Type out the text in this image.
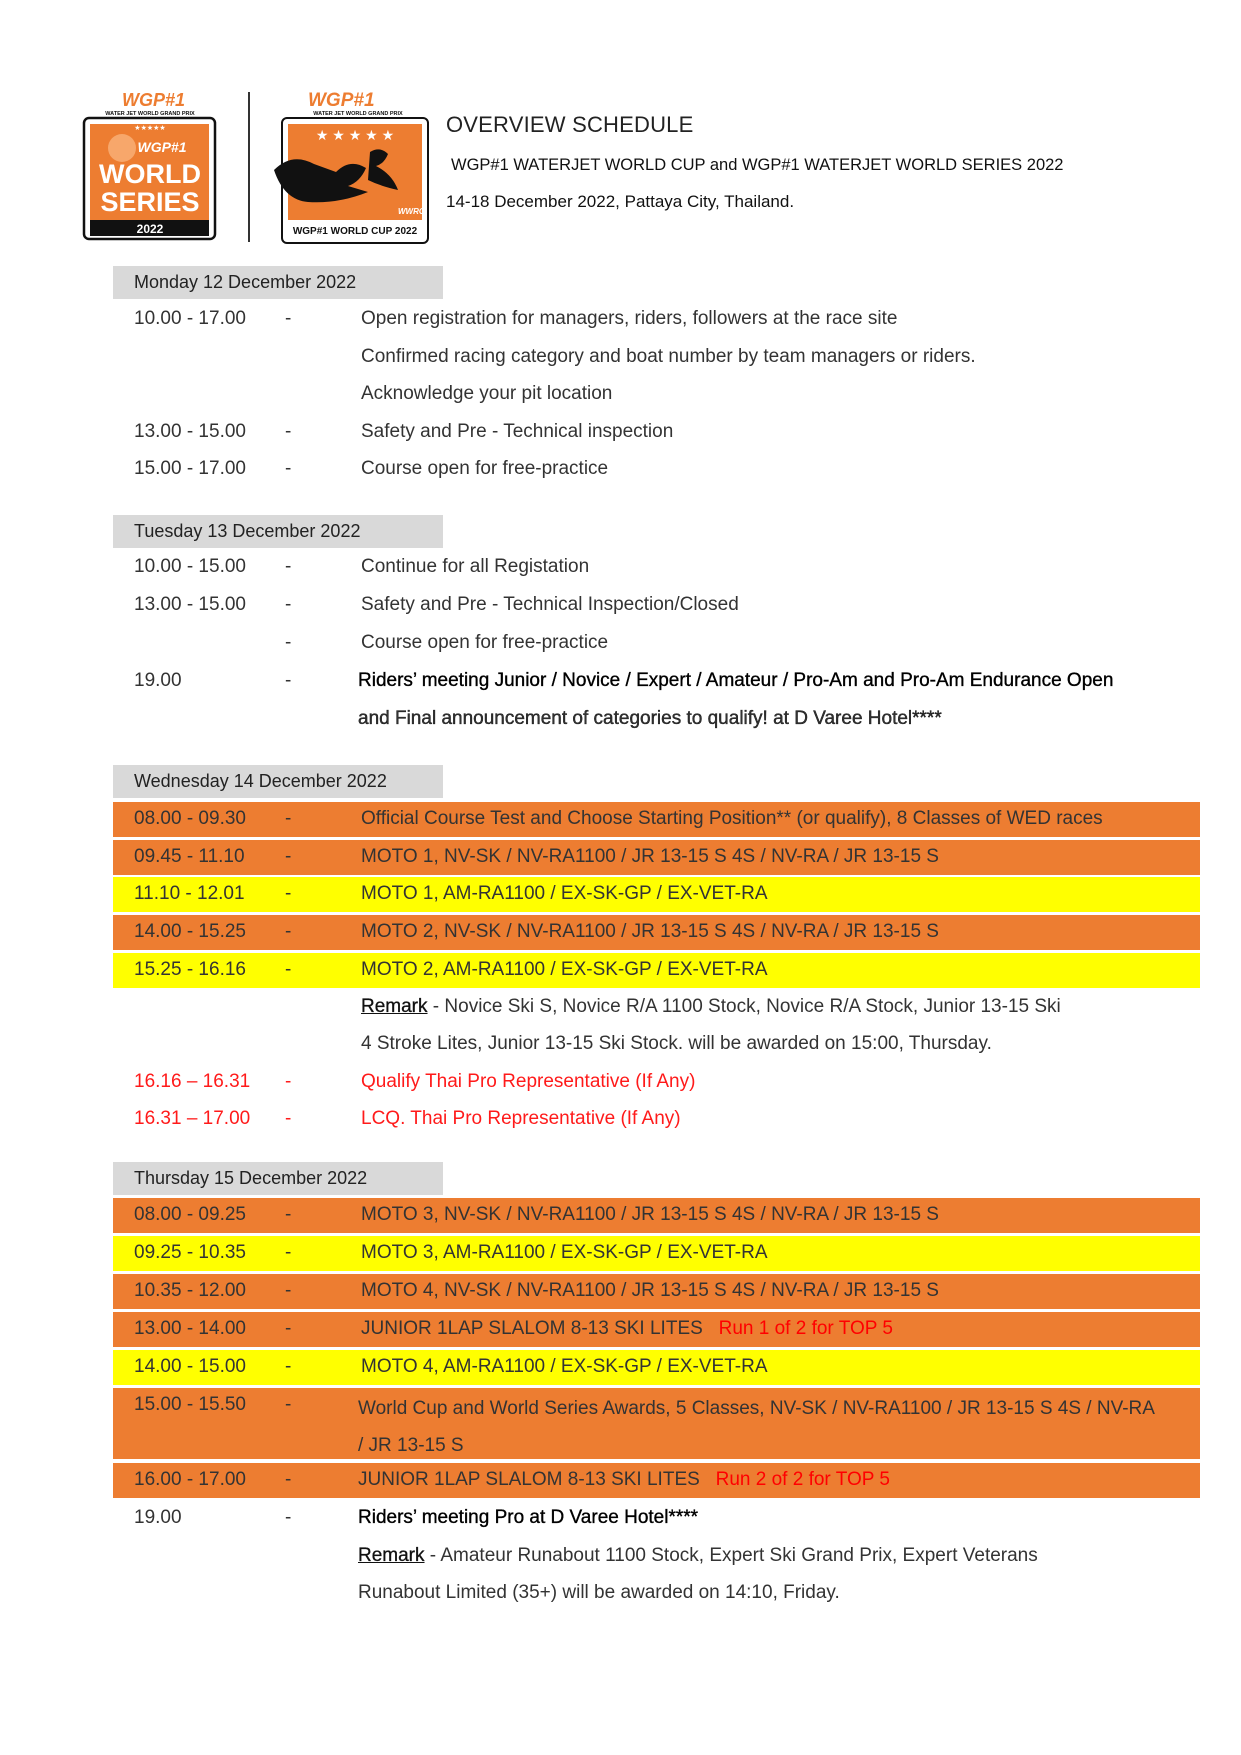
WGP#1
WATER JET WORLD GRAND PRIX
★★★★★
WGP#1
WORLD
SERIES
2022
WGP#1
WATER JET WORLD GRAND PRIX
★ ★ ★ ★ ★
WWRO
WGP#1 WORLD CUP 2022
OVERVIEW SCHEDULE
WGP#1 WATERJET WORLD CUP and WGP#1 WATERJET WORLD SERIES 2022
14-18 December 2022, Pattaya City, Thailand.
Monday 12 December 2022
10.00 - 17.00 -	Open registration for managers, riders, followers at the race site
Confirmed racing category and boat number by team managers or riders.
Acknowledge your pit location
13.00 - 15.00 -	Safety and Pre - Technical inspection
15.00 - 17.00 -	Course open for free-practice
Tuesday 13 December 2022
10.00 - 15.00 -	Continue for all Registation
13.00 - 15.00 -	Safety and Pre - Technical Inspection/Closed
-	Course open for free-practice
19.00	-	Riders’ meeting Junior / Novice / Expert / Amateur / Pro-Am and Pro-Am Endurance Open
and Final announcement of categories to qualify! at D Varee Hotel****
Wednesday 14 December 2022
08.00 - 09.30 -	Official Course Test and Choose Starting Position** (or qualify), 8 Classes of WED races
09.45 - 11.10 -	MOTO 1, NV-SK / NV-RA1100 / JR 13-15 S 4S / NV-RA / JR 13-15 S
11.10 - 12.01 -	MOTO 1, AM-RA1100 / EX-SK-GP / EX-VET-RA
14.00 - 15.25 -	MOTO 2, NV-SK / NV-RA1100 / JR 13-15 S 4S / NV-RA / JR 13-15 S
15.25 - 16.16 -	MOTO 2, AM-RA1100 / EX-SK-GP / EX-VET-RA
Remark - Novice Ski S, Novice R/A 1100 Stock, Novice R/A Stock, Junior 13-15 Ski
4 Stroke Lites, Junior 13-15 Ski Stock. will be awarded on 15:00, Thursday.
16.16 – 16.31 -	Qualify Thai Pro Representative (If Any)
16.31 – 17.00 -	LCQ. Thai Pro Representative (If Any)
Thursday 15 December 2022
08.00 - 09.25 -	MOTO 3, NV-SK / NV-RA1100 / JR 13-15 S 4S / NV-RA / JR 13-15 S
09.25 - 10.35 -	MOTO 3, AM-RA1100 / EX-SK-GP / EX-VET-RA
10.35 - 12.00 -	MOTO 4, NV-SK / NV-RA1100 / JR 13-15 S 4S / NV-RA / JR 13-15 S
13.00 - 14.00 -	JUNIOR 1LAP SLALOM 8-13 SKI LITES Run 1 of 2 for TOP 5
14.00 - 15.00 -	MOTO 4, AM-RA1100 / EX-SK-GP / EX-VET-RA
15.00 - 15.50 -	World Cup and World Series Awards, 5 Classes, NV-SK / NV-RA1100 / JR 13-15 S 4S / NV-RA / JR 13-15 S
16.00 - 17.00 -	JUNIOR 1LAP SLALOM 8-13 SKI LITES Run 2 of 2 for TOP 5
19.00	-	Riders’ meeting Pro at D Varee Hotel****
Remark - Amateur Runabout 1100 Stock, Expert Ski Grand Prix, Expert Veterans
Runabout Limited (35+) will be awarded on 14:10, Friday.
